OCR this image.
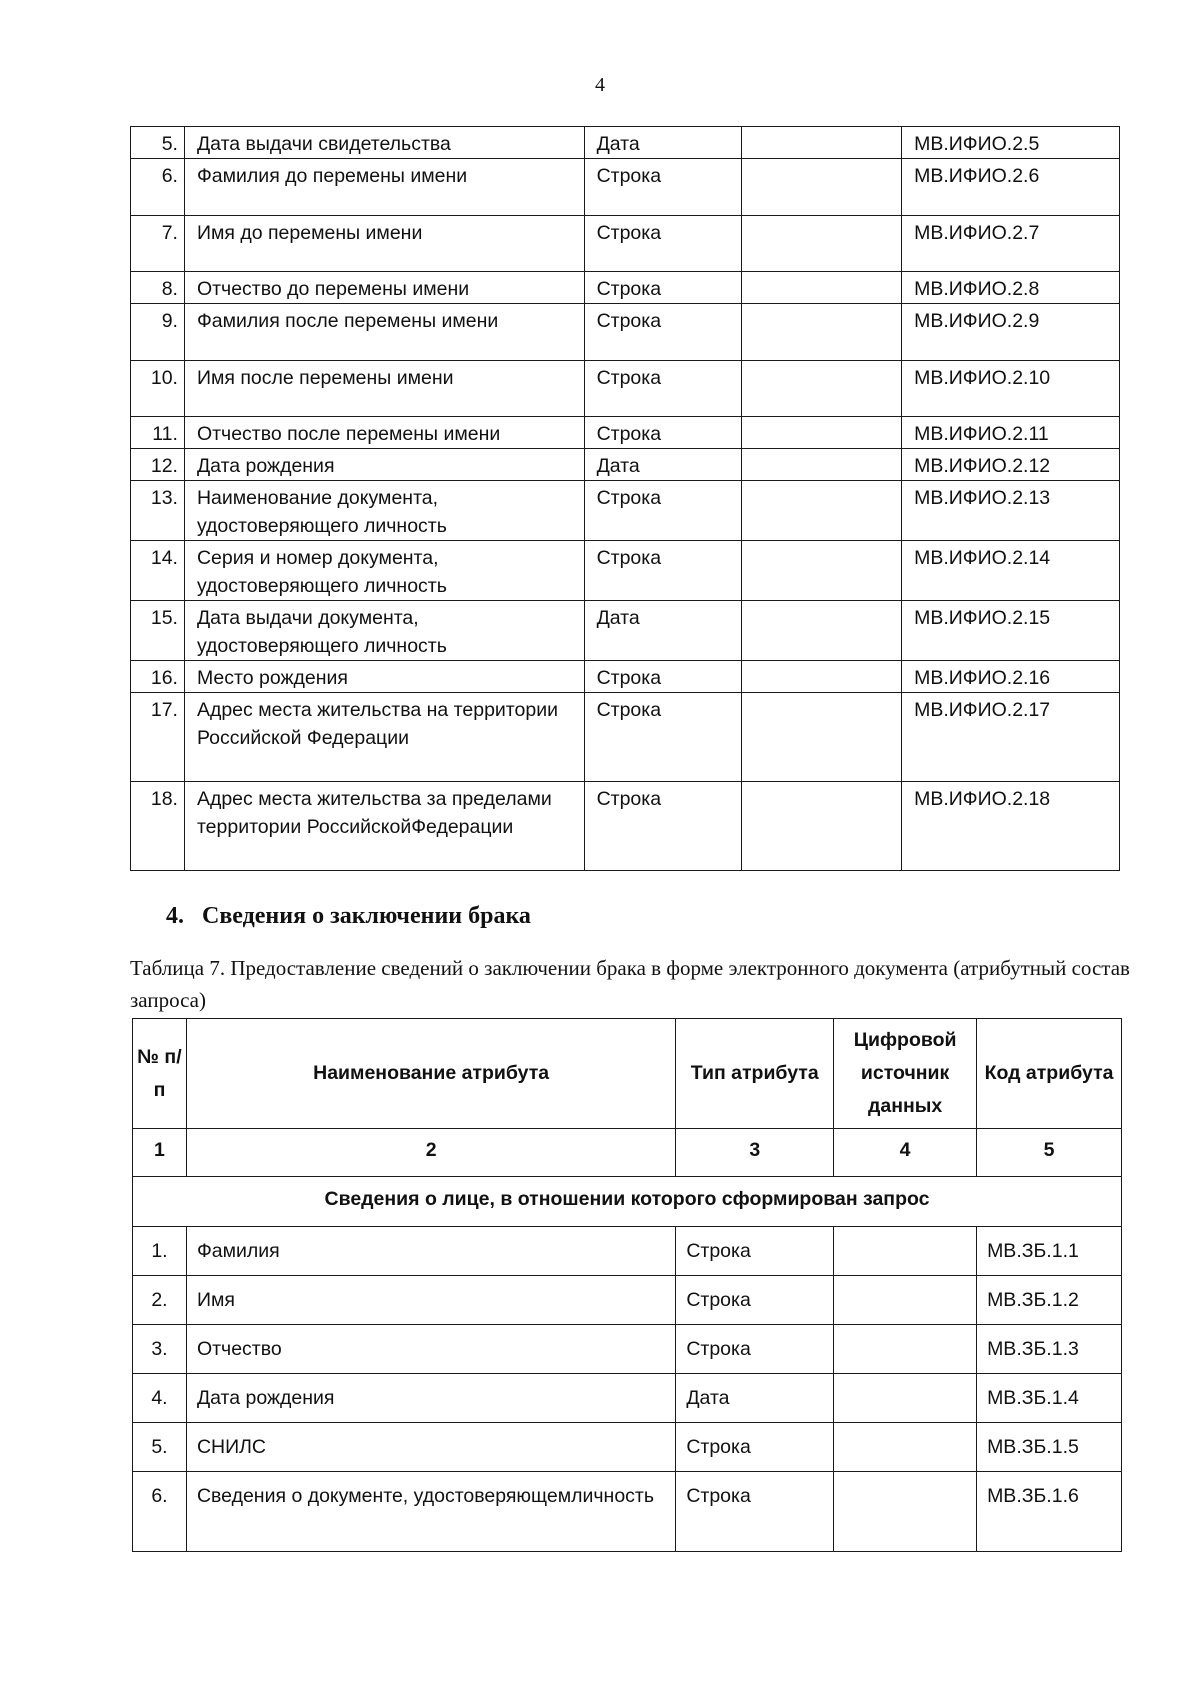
4
5.	Дата выдачи свидетельства	Дата		МВ.ИФИО.2.5
6.	Фамилия до перемены имени	Строка		МВ.ИФИО.2.6
7.	Имя до перемены имени	Строка		МВ.ИФИО.2.7
8.	Отчество до перемены имени	Строка		МВ.ИФИО.2.8
9.	Фамилия после перемены имени	Строка		МВ.ИФИО.2.9
10.	Имя после перемены имени	Строка		МВ.ИФИО.2.10
11.	Отчество после перемены имени	Строка		МВ.ИФИО.2.11
12.	Дата рождения	Дата		МВ.ИФИО.2.12
13.	Наименование документа, удостоверяющего личность	Строка		МВ.ИФИО.2.13
14.	Серия и номер документа, удостоверяющего личность	Строка		МВ.ИФИО.2.14
15.	Дата выдачи документа, удостоверяющего личность	Дата		МВ.ИФИО.2.15
16.	Место рождения	Строка		МВ.ИФИО.2.16
17.	Адрес места жительства на территории Российской Федерации	Строка		МВ.ИФИО.2.17
18.	Адрес места жительства за пределами территории РоссийскойФедерации	Строка		МВ.ИФИО.2.18
4. Сведения о заключении брака
Таблица 7. Предоставление сведений о заключении брака в форме электронного документа (атрибутный состав запроса)
№ п/п	Наименование атрибута	Тип атрибута	Цифровой источник данных	Код атрибута
1	2	3	4	5
Сведения о лице, в отношении которого сформирован запрос				
1.	Фамилия	Строка		МВ.ЗБ.1.1
2.	Имя	Строка		МВ.ЗБ.1.2
3.	Отчество	Строка		МВ.ЗБ.1.3
4.	Дата рождения	Дата		МВ.ЗБ.1.4
5.	СНИЛС	Строка		МВ.ЗБ.1.5
6.	Сведения о документе, удостоверяющемличность	Строка		МВ.ЗБ.1.6
